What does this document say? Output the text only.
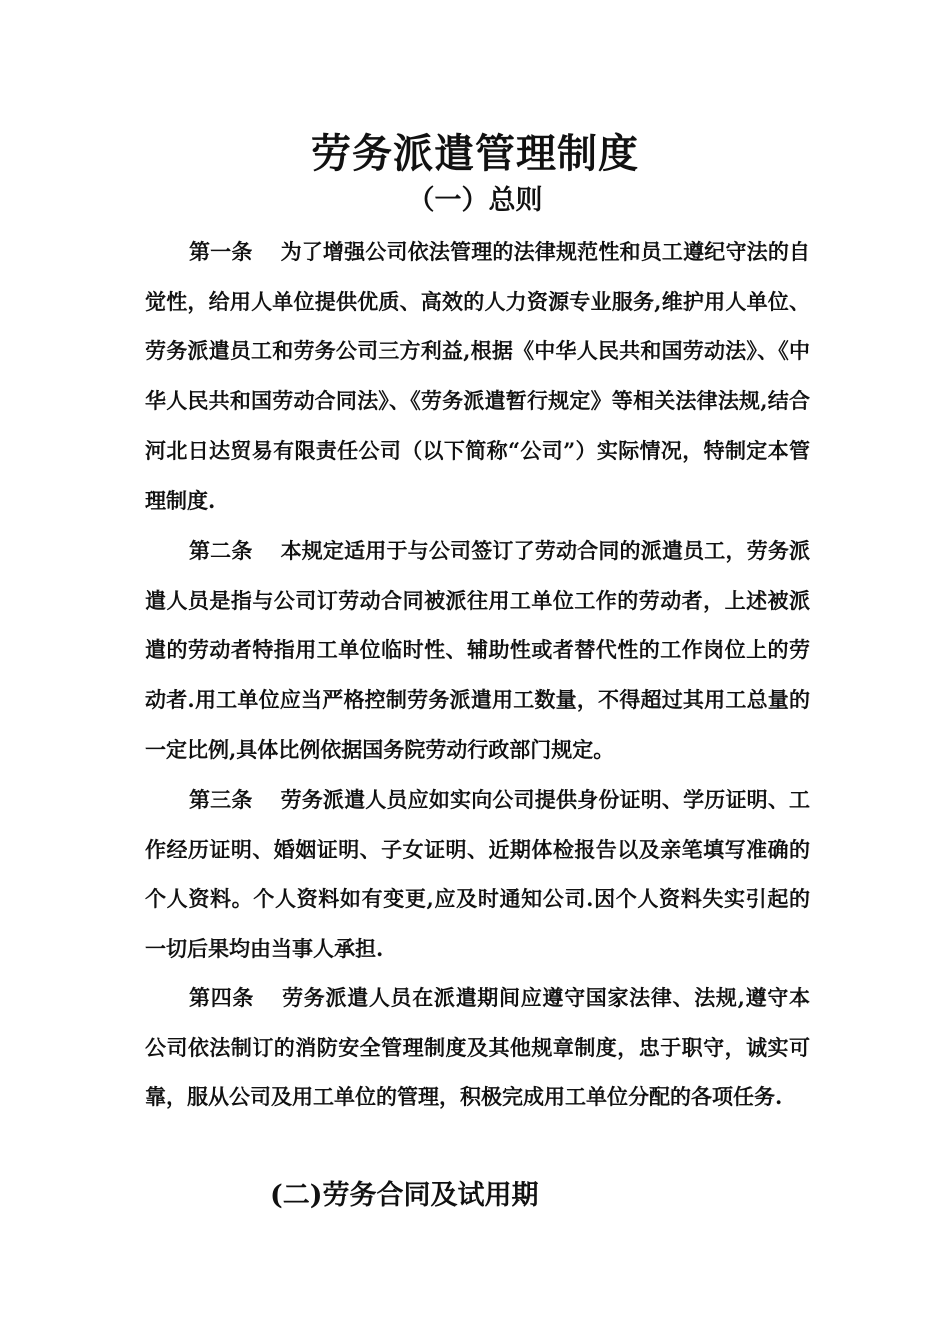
劳务派遣管理制度
（一）总则

第一条 为了增强公司依法管理的法律规范性和员工遵纪守法的自觉性，给用人单位提供优质、高效的人力资源专业服务,维护用人单位、劳务派遣员工和劳务公司三方利益,根据《中华人民共和国劳动法》、《中华人民共和国劳动合同法》、《劳务派遣暂行规定》等相关法律法规,结合河北日达贸易有限责任公司（以下简称“公司”）实际情况，特制定本管理制度.

第二条 本规定适用于与公司签订了劳动合同的派遣员工，劳务派遣人员是指与公司订劳动合同被派往用工单位工作的劳动者，上述被派遣的劳动者特指用工单位临时性、辅助性或者替代性的工作岗位上的劳动者.用工单位应当严格控制劳务派遣用工数量，不得超过其用工总量的一定比例,具体比例依据国务院劳动行政部门规定。

第三条 劳务派遣人员应如实向公司提供身份证明、学历证明、工作经历证明、婚姻证明、子女证明、近期体检报告以及亲笔填写准确的个人资料。个人资料如有变更,应及时通知公司.因个人资料失实引起的一切后果均由当事人承担.

第四条 劳务派遣人员在派遣期间应遵守国家法律、法规,遵守本公司依法制订的消防安全管理制度及其他规章制度，忠于职守，诚实可靠，服从公司及用工单位的管理，积极完成用工单位分配的各项任务.

(二)劳务合同及试用期
